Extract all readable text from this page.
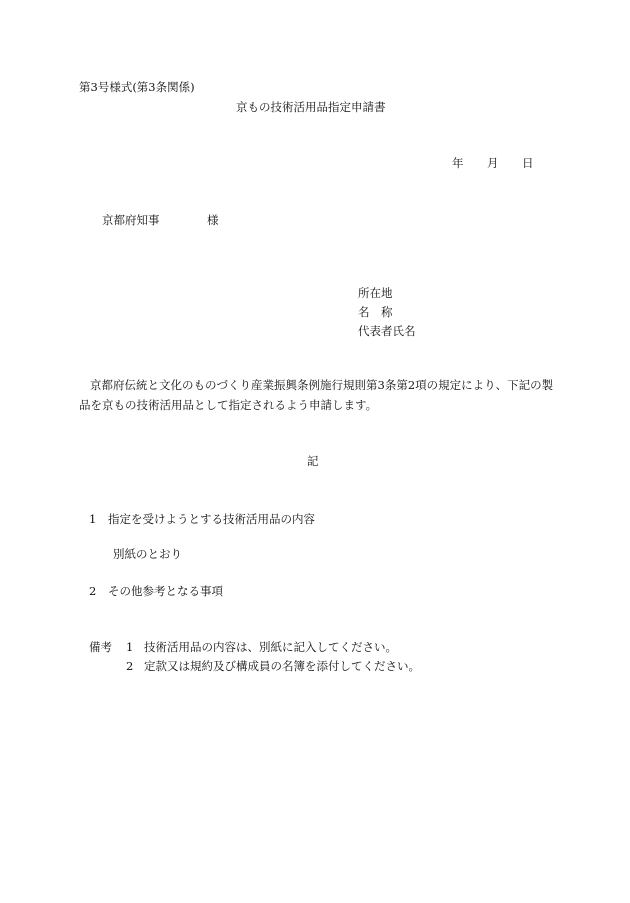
第3号様式(第3条関係)
京もの技術活用品指定申請書
年 月 日
京都府知事	様
所在地
名　称
代表者氏名
京都府伝統と文化のものづくり産業振興条例施行規則第3条第2項の規定により、下記の製品を京もの技術活用品として指定されるよう申請します。
記
1 指定を受けようとする技術活用品の内容
別紙のとおり
2 その他参考となる事項
備考 1 技術活用品の内容は、別紙に記入してください。
2 定款又は規約及び構成員の名簿を添付してください。
